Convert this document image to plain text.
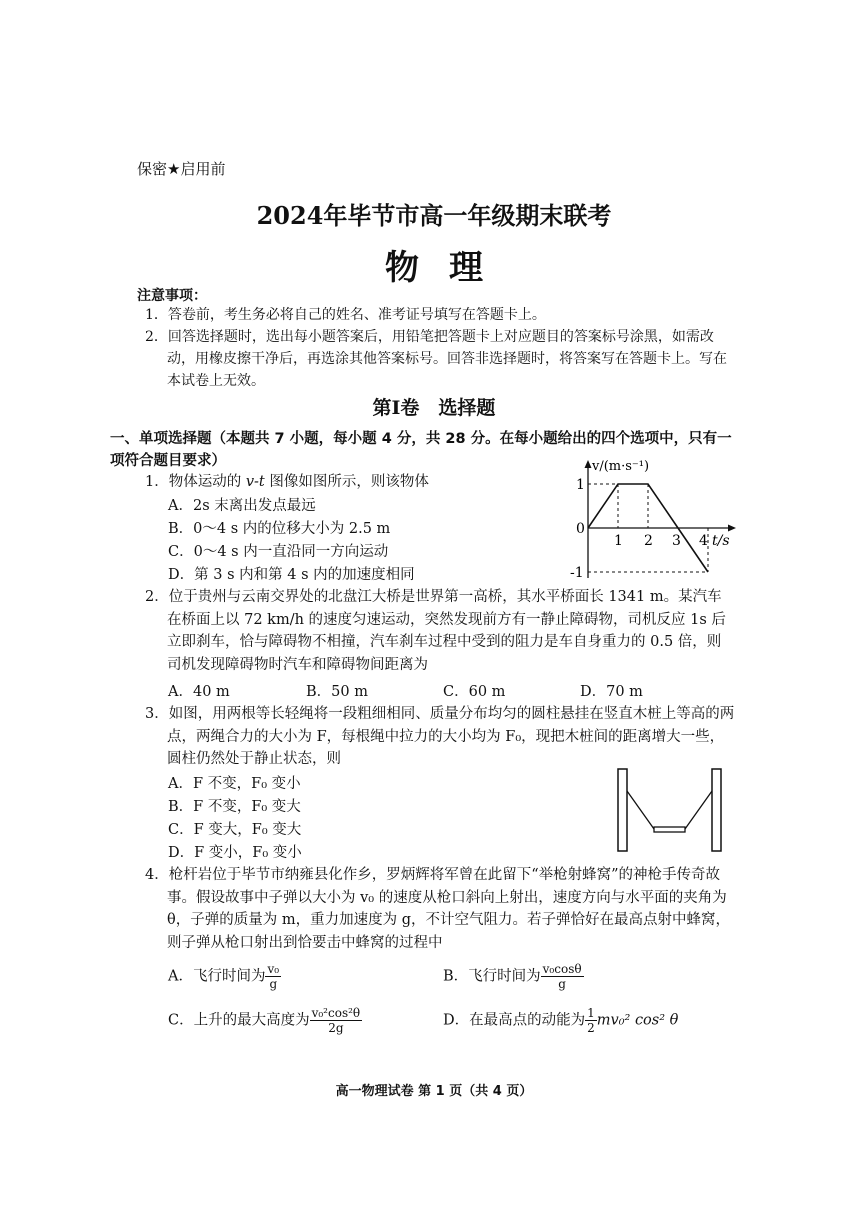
保密★启用前
2024年毕节市高一年级期末联考
物理
注意事项：
1．答卷前，考生务必将自己的姓名、准考证号填写在答题卡上。
2．回答选择题时，选出每小题答案后，用铅笔把答题卡上对应题目的答案标号涂黑，如需改动，用橡皮擦干净后，再选涂其他答案标号。回答非选择题时，将答案写在答题卡上。写在本试卷上无效。
第Ⅰ卷　选择题
一、单项选择题（本题共 7 小题，每小题 4 分，共 28 分。在每小题给出的四个选项中，只有一项符合题目要求）
1．物体运动的 v-t 图像如图所示，则该物体
A．2s 末离出发点最远
B．0～4 s 内的位移大小为 2.5 m
C．0～4 s 内一直沿同一方向运动
D．第 3 s 内和第 4 s 内的加速度相同
v/(m·s⁻¹)
1
0
-1
1 2 3 4 t/s
2．位于贵州与云南交界处的北盘江大桥是世界第一高桥，其水平桥面长 1341 m。某汽车在桥面上以 72 km/h 的速度匀速运动，突然发现前方有一静止障碍物，司机反应 1s 后立即刹车，恰与障碍物不相撞，汽车刹车过程中受到的阻力是车自身重力的 0.5 倍，则司机发现障碍物时汽车和障碍物间距离为
A．40 m	B．50 m	C．60 m	D．70 m
3．如图，用两根等长轻绳将一段粗细相同、质量分布均匀的圆柱悬挂在竖直木桩上等高的两点，两绳合力的大小为 F，每根绳中拉力的大小均为 F₀，现把木桩间的距离增大一些，圆柱仍然处于静止状态，则
A．F 不变，F₀ 变小
B．F 不变，F₀ 变大
C．F 变大，F₀ 变大
D．F 变小，F₀ 变小
4．枪杆岩位于毕节市纳雍县化作乡，罗炳辉将军曾在此留下“举枪射蜂窝”的神枪手传奇故事。假设故事中子弹以大小为 v₀ 的速度从枪口斜向上射出，速度方向与水平面的夹角为 θ，子弹的质量为 m，重力加速度为 g，不计空气阻力。若子弹恰好在最高点射中蜂窝，则子弹从枪口射出到恰要击中蜂窝的过程中
A．飞行时间为 $\frac{\text{v₀}}{g}$	B．飞行时间为 $\frac{\text{v₀cosθ}}{g}$
C．上升的最大高度为 $\frac{\text{v₀²cos²θ}}{2g}$	D．在最高点的动能为 $\frac{1}{2} mv_0^2$ cos² θ
高一物理试卷 第 1 页（共 4 页）
